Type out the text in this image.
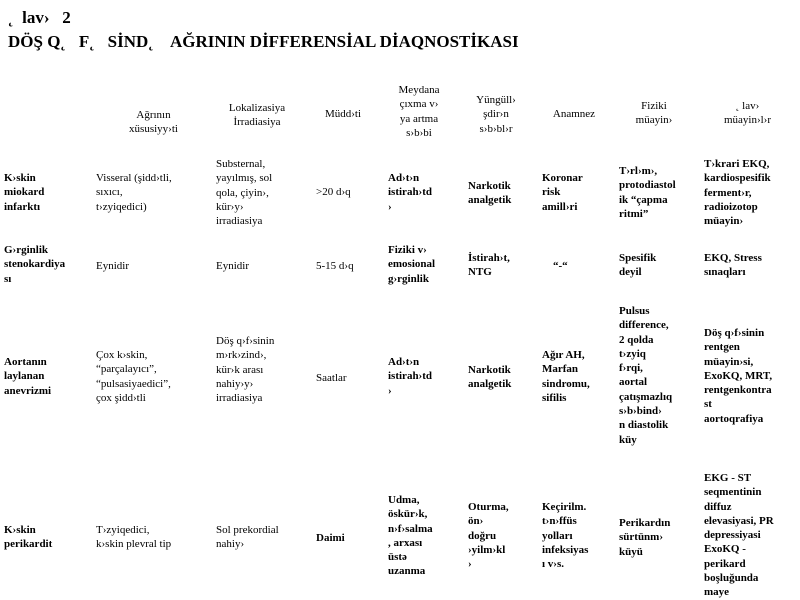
˛  lav›   2
DÖŞ Q˛   F˛   SİND˛    AĞRININ DİFFERENSİAL DİAQNOSTİKASI
Ağrının
xüsusiyy›ti
Lokalizasiya
İrradiasiya
Müdd›ti
Meydana
çıxma v›
ya artma
s›b›bi
Yüngüll›
şdir›n
s›b›bl›r
Anamnez
Fiziki
müayin›
˛ lav›
müayin›l›r
K›skin
miokard
infarktı
Visseral (şidd›tli,
sıxıcı,
t›zyiqedici)
Substernal,
yayılmış, sol
qola, çiyin›,
kür›y›
irradiasiya
>20 d›q
Ad›t›n
istirah›td
›
Narkotik
analgetik
Koronar
risk
amill›ri
T›rl›m›,
protodiastol
ik “çapma
ritmi”
T›krari EKQ,
kardiospesifik
ferment›r,
radioizotop
müayin›
G›rginlik
stenokardiya
sı
Eynidir	Eynidir	5-15 d›q
Fiziki v›
emosional
g›rginlik
İstirah›t,
NTG
“-“
Spesifik
deyil
EKQ, Stress
sınaqları
Aortanın
laylanan
anevrizmi
Çox k›skin,
“parçalayıcı”,
“pulsasiyaedici”,
çox şidd›tli
Döş q›f›sinin
m›rk›zind›,
kür›k arası
nahiy›y›
irradiasiya
Saatlar
Ad›t›n
istirah›td
›
Narkotik
analgetik
Ağır AH,
Marfan
sindromu,
sifilis
Pulsus
difference,
2 qolda
t›zyiq
f›rqi,
aortal
çatışmazlıq
s›b›bind›
n diastolik
küy
Döş q›f›sinin
rentgen
müayin›si,
ExoKQ, MRT,
rentgenkontra
st
aortoqrafiya
K›skin
perikardit
T›zyiqedici,
k›skin plevral tip
Sol prekordial
nahiy›
Daimi
Udma,
öskür›k,
n›f›salma
, arxası
üstə
uzanma
Oturma,
ön›
doğru
›yilm›kl
›
Keçirilm.
t›n›ffüs
yolları
infeksiyas
ı v›s.
Perikardın
sürtünm›
küyü
EKG - ST
seqmentinin
diffuz
elevasiyasi, PR
depressiyasi
ExoKQ -
perikard
boşluğunda
maye
